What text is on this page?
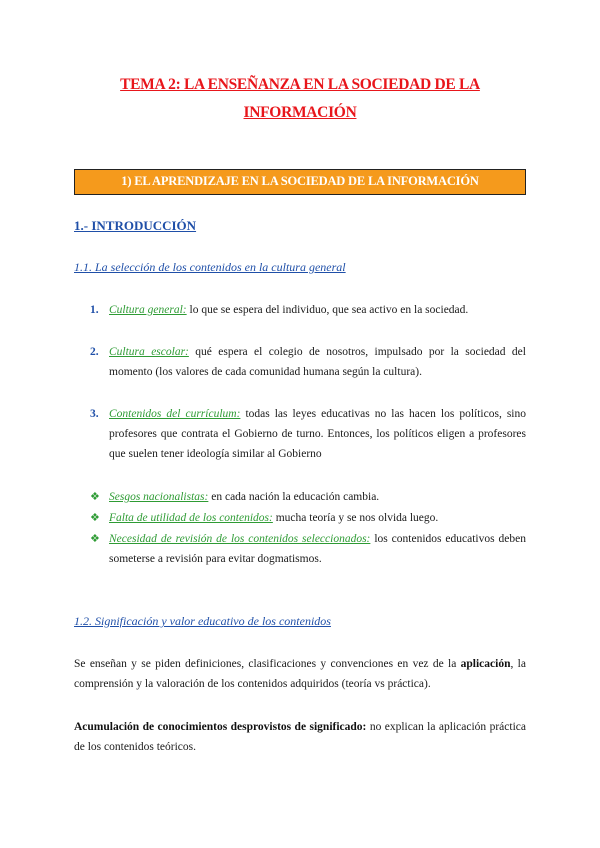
TEMA 2: LA ENSEÑANZA EN LA SOCIEDAD DE LA
INFORMACIÓN
1) EL APRENDIZAJE EN LA SOCIEDAD DE LA INFORMACIÓN
1.- INTRODUCCIÓN
1.1. La selección de los contenidos en la cultura general
1. Cultura general: lo que se espera del individuo, que sea activo en la sociedad.
2. Cultura escolar: qué espera el colegio de nosotros, impulsado por la sociedad del momento (los valores de cada comunidad humana según la cultura).
3. Contenidos del currículum: todas las leyes educativas no las hacen los políticos, sino profesores que contrata el Gobierno de turno. Entonces, los políticos eligen a profesores que suelen tener ideología similar al Gobierno
❖ Sesgos nacionalistas: en cada nación la educación cambia.
❖ Falta de utilidad de los contenidos: mucha teoría y se nos olvida luego.
❖ Necesidad de revisión de los contenidos seleccionados: los contenidos educativos deben someterse a revisión para evitar dogmatismos.
1.2. Significación y valor educativo de los contenidos
Se enseñan y se piden definiciones, clasificaciones y convenciones en vez de la aplicación, la comprensión y la valoración de los contenidos adquiridos (teoría vs práctica).
Acumulación de conocimientos desprovistos de significado: no explican la aplicación práctica de los contenidos teóricos.
